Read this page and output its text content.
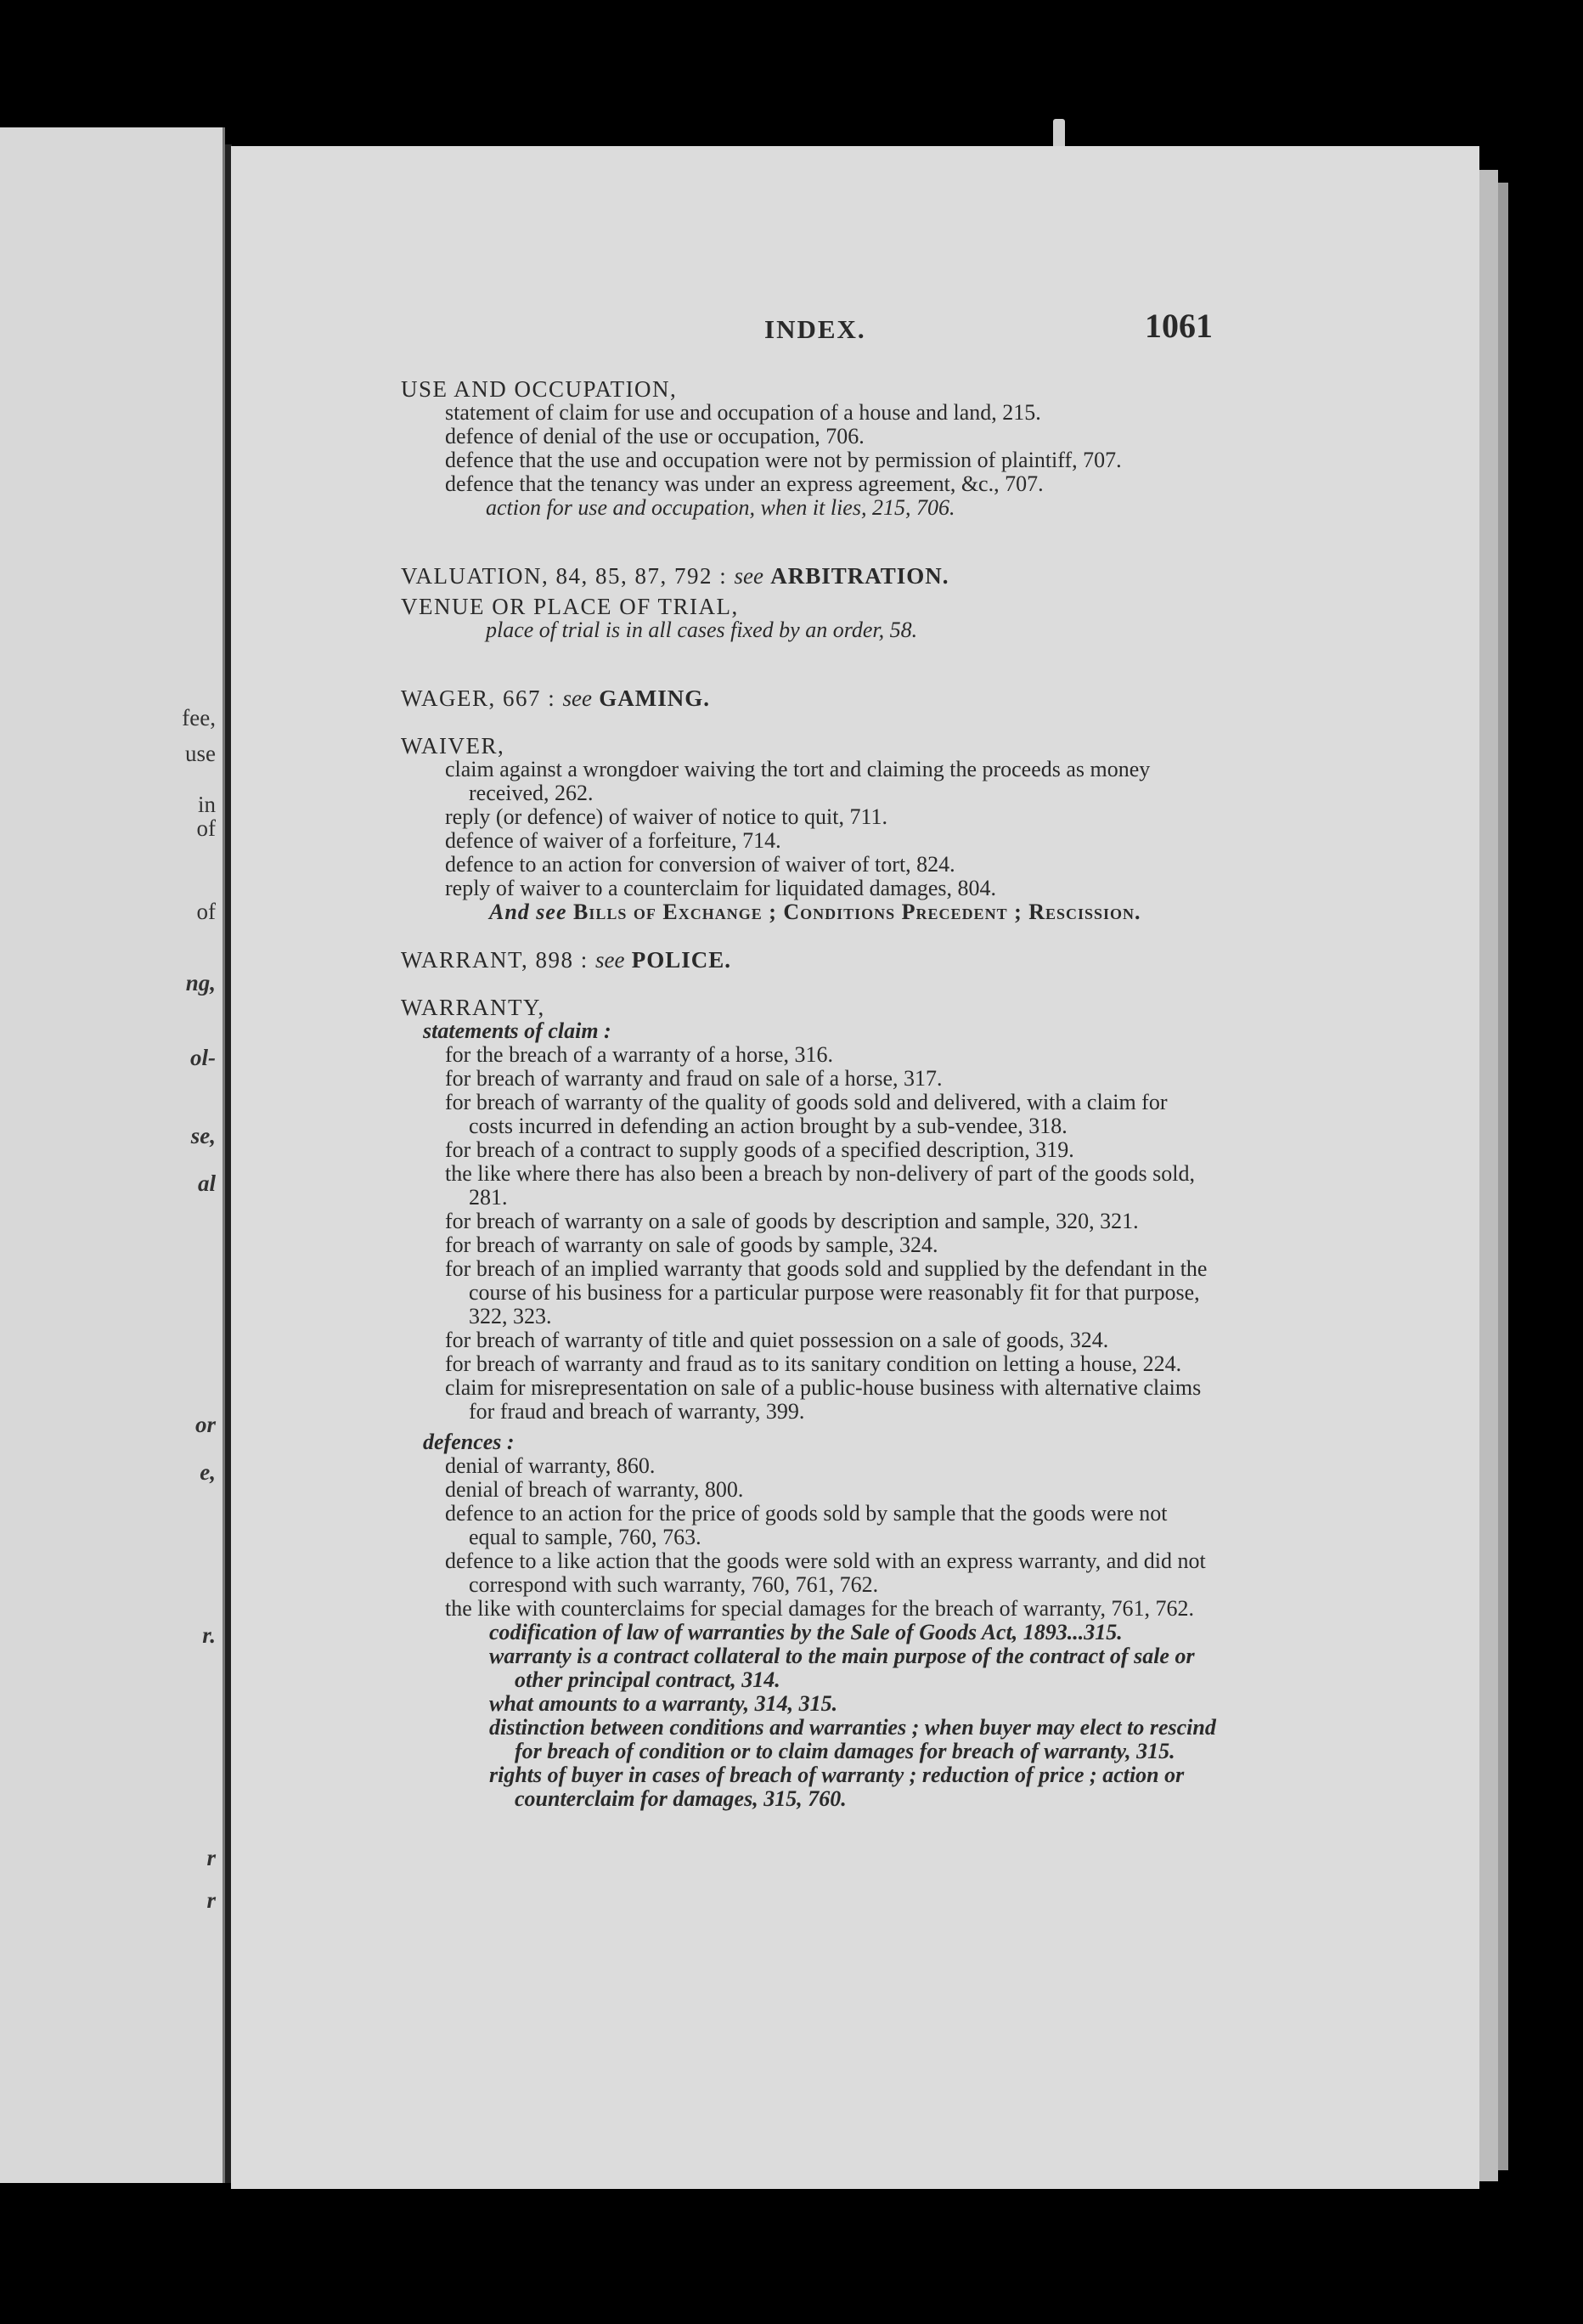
fee,
use
in
of
of
ng,
ol-
se,
al
or
e,
r.
r
r
INDEX.	1061
USE AND OCCUPATION,
statement of claim for use and occupation of a house and land, 215.
defence of denial of the use or occupation, 706.
defence that the use and occupation were not by permission of plaintiff, 707.
defence that the tenancy was under an express agreement, &c., 707.
action for use and occupation, when it lies, 215, 706.
VALUATION, 84, 85, 87, 792 : see ARBITRATION.
VENUE OR PLACE OF TRIAL,
place of trial is in all cases fixed by an order, 58.
WAGER, 667 : see GAMING.
WAIVER,
claim against a wrongdoer waiving the tort and claiming the proceeds as money received, 262.
reply (or defence) of waiver of notice to quit, 711.
defence of waiver of a forfeiture, 714.
defence to an action for conversion of waiver of tort, 824.
reply of waiver to a counterclaim for liquidated damages, 804.
And see Bills of Exchange ; Conditions Precedent ; Rescission.
WARRANT, 898 : see POLICE.
WARRANTY,
statements of claim :
for the breach of a warranty of a horse, 316.
for breach of warranty and fraud on sale of a horse, 317.
for breach of warranty of the quality of goods sold and delivered, with a claim for costs incurred in defending an action brought by a sub-vendee, 318.
for breach of a contract to supply goods of a specified description, 319.
the like where there has also been a breach by non-delivery of part of the goods sold, 281.
for breach of warranty on a sale of goods by description and sample, 320, 321.
for breach of warranty on sale of goods by sample, 324.
for breach of an implied warranty that goods sold and supplied by the defendant in the course of his business for a particular purpose were reasonably fit for that purpose, 322, 323.
for breach of warranty of title and quiet possession on a sale of goods, 324.
for breach of warranty and fraud as to its sanitary condition on letting a house, 224.
claim for misrepresentation on sale of a public-house business with alternative claims for fraud and breach of warranty, 399.
defences :
denial of warranty, 860.
denial of breach of warranty, 800.
defence to an action for the price of goods sold by sample that the goods were not equal to sample, 760, 763.
defence to a like action that the goods were sold with an express warranty, and did not correspond with such warranty, 760, 761, 762.
the like with counterclaims for special damages for the breach of warranty, 761, 762.
codification of law of warranties by the Sale of Goods Act, 1893...315.
warranty is a contract collateral to the main purpose of the contract of sale or other principal contract, 314.
what amounts to a warranty, 314, 315.
distinction between conditions and warranties ; when buyer may elect to rescind for breach of condition or to claim damages for breach of warranty, 315.
rights of buyer in cases of breach of warranty ; reduction of price ; action or counterclaim for damages, 315, 760.
